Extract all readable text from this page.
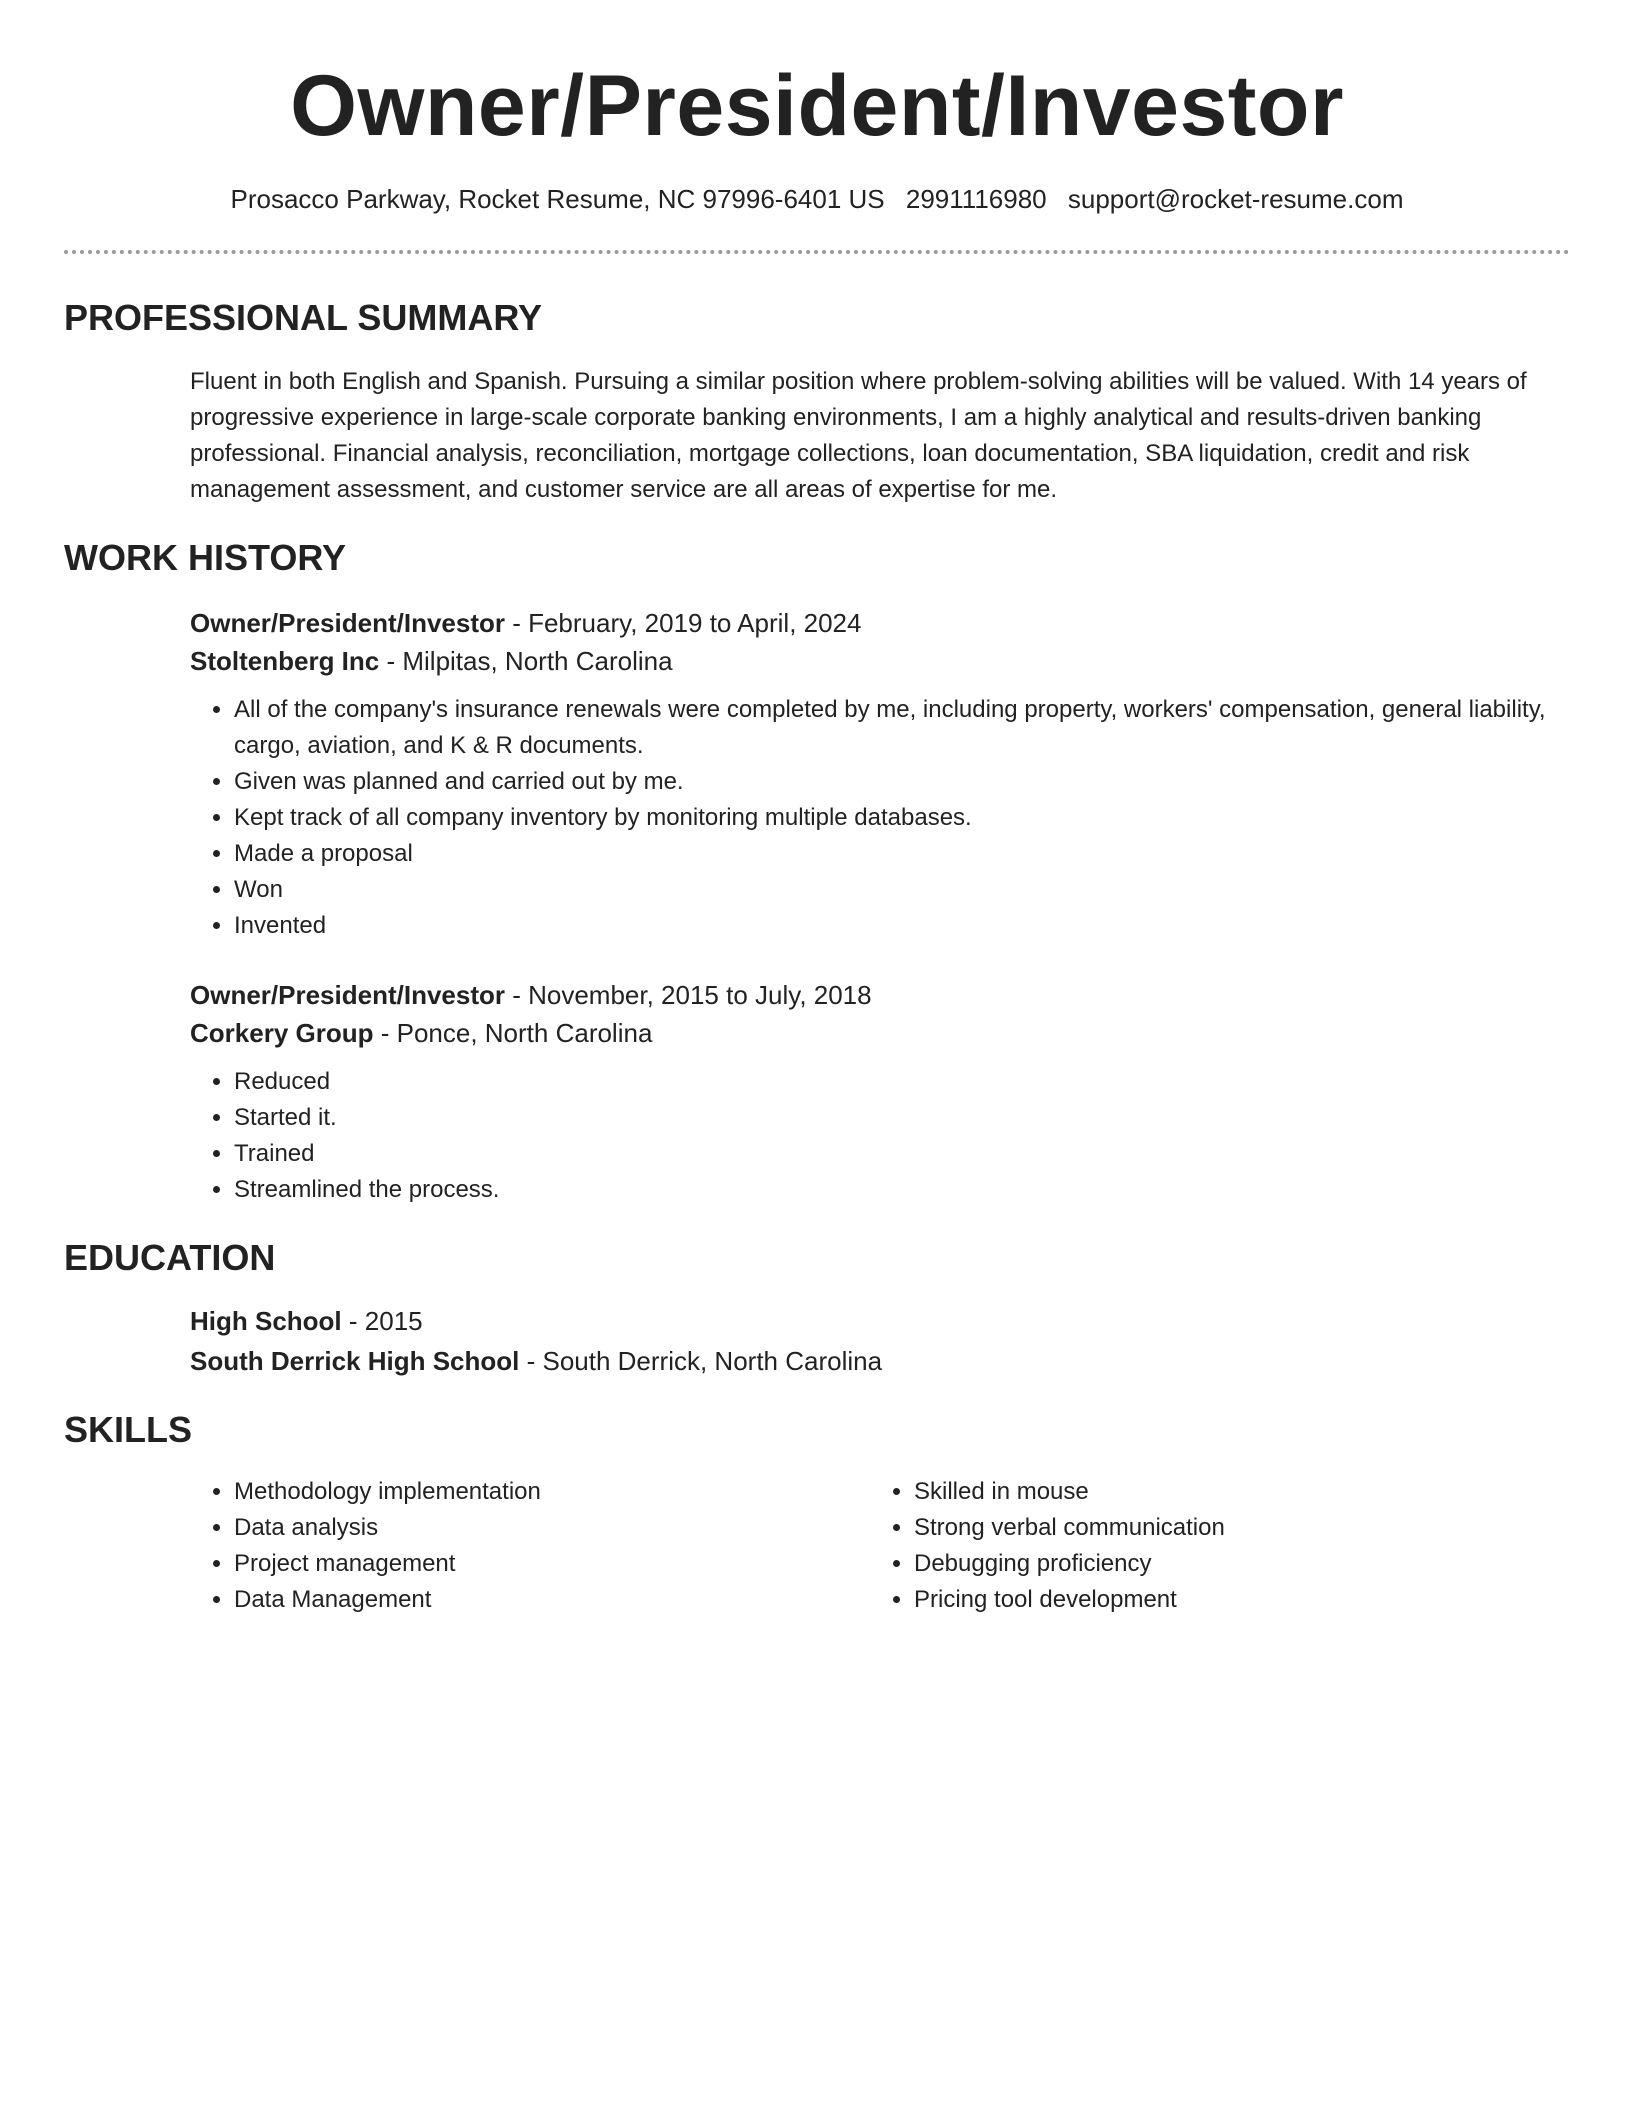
Owner/President/Investor
Prosacco Parkway, Rocket Resume, NC 97996-6401 US 2991116980 support@rocket-resume.com
PROFESSIONAL SUMMARY
Fluent in both English and Spanish. Pursuing a similar position where problem-solving abilities will be valued. With 14 years of progressive experience in large-scale corporate banking environments, I am a highly analytical and results-driven banking professional. Financial analysis, reconciliation, mortgage collections, loan documentation, SBA liquidation, credit and risk management assessment, and customer service are all areas of expertise for me.
WORK HISTORY
Owner/President/Investor - February, 2019 to April, 2024
Stoltenberg Inc - Milpitas, North Carolina
• All of the company's insurance renewals were completed by me, including property, workers' compensation, general liability, cargo, aviation, and K & R documents.
• Given was planned and carried out by me.
• Kept track of all company inventory by monitoring multiple databases.
• Made a proposal
• Won
• Invented
Owner/President/Investor - November, 2015 to July, 2018
Corkery Group - Ponce, North Carolina
• Reduced
• Started it.
• Trained
• Streamlined the process.
EDUCATION
High School - 2015
South Derrick High School - South Derrick, North Carolina
SKILLS
• Methodology implementation
• Data analysis
• Project management
• Data Management
• Skilled in mouse
• Strong verbal communication
• Debugging proficiency
• Pricing tool development
